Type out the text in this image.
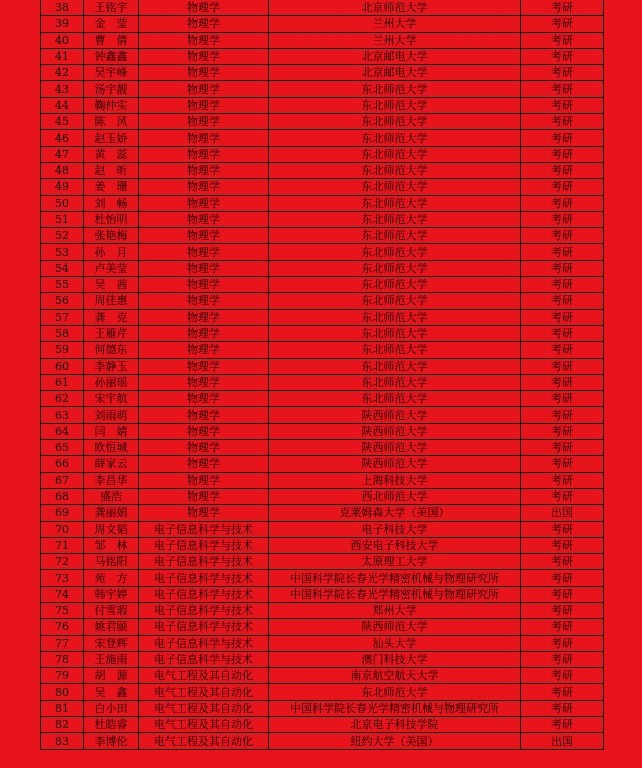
38	王铭宇	物理学	北京师范大学	考研
39	金　莹	物理学	兰州大学	考研
40	曹　倩	物理学	兰州大学	考研
41	钟鑫鑫	物理学	北京邮电大学	考研
42	吴宇峰	物理学	北京邮电大学	考研
43	汤宇靓	物理学	东北师范大学	考研
44	鞠仲实	物理学	东北师范大学	考研
45	陈　风	物理学	东北师范大学	考研
46	赵玉娇	物理学	东北师范大学	考研
47	黄　蕊	物理学	东北师范大学	考研
48	赵　昕	物理学	东北师范大学	考研
49	姜　珊	物理学	东北师范大学	考研
50	刘　畅	物理学	东北师范大学	考研
51	杜怡明	物理学	东北师范大学	考研
52	张艳梅	物理学	东北师范大学	考研
53	孙　月	物理学	东北师范大学	考研
54	卢美莹	物理学	东北师范大学	考研
55	吴　茜	物理学	东北师范大学	考研
56	周佳惠	物理学	东北师范大学	考研
57	龚　克	物理学	东北师范大学	考研
58	王雁芹	物理学	东北师范大学	考研
59	何德东	物理学	东北师范大学	考研
60	李静玉	物理学	东北师范大学	考研
61	孙丽瑶	物理学	东北师范大学	考研
62	宋宇航	物理学	东北师范大学	考研
63	刘雨萌	物理学	陕西师范大学	考研
64	闫　婧	物理学	陕西师范大学	考研
65	欧恒城	物理学	陕西师范大学	考研
66	薛家云	物理学	陕西师范大学	考研
67	李昌华	物理学	上海科技大学	考研
68	盛浩	物理学	西北师范大学	考研
69	龚丽娟	物理学	克莱姆森大学（美国）	出国
70	周文韬	电子信息科学与技术	电子科技大学	考研
71	邹　林	电子信息科学与技术	西安电子科技大学	考研
72	马铭阳	电子信息科学与技术	太原理工大学	考研
73	苑　方	电子信息科学与技术	中国科学院长春光学精密机械与物理研究所	考研
74	韩宇婷	电子信息科学与技术	中国科学院长春光学精密机械与物理研究所	考研
75	付雪瑕	电子信息科学与技术	郑州大学	考研
76	姚君颐	电子信息科学与技术	陕西师范大学	考研
77	宋登辉	电子信息科学与技术	汕头大学	考研
78	王施雨	电子信息科学与技术	澳门科技大学	考研
79	胡　源	电气工程及其自动化	南京航空航天大学	考研
80	吴　鑫	电气工程及其自动化	东北师范大学	考研
81	白小田	电气工程及其自动化	中国科学院长春光学精密机械与物理研究所	考研
82	杜皓睿	电气工程及其自动化	北京电子科技学院	考研
83	李博伦	电气工程及其自动化	纽约大学（美国）	出国
